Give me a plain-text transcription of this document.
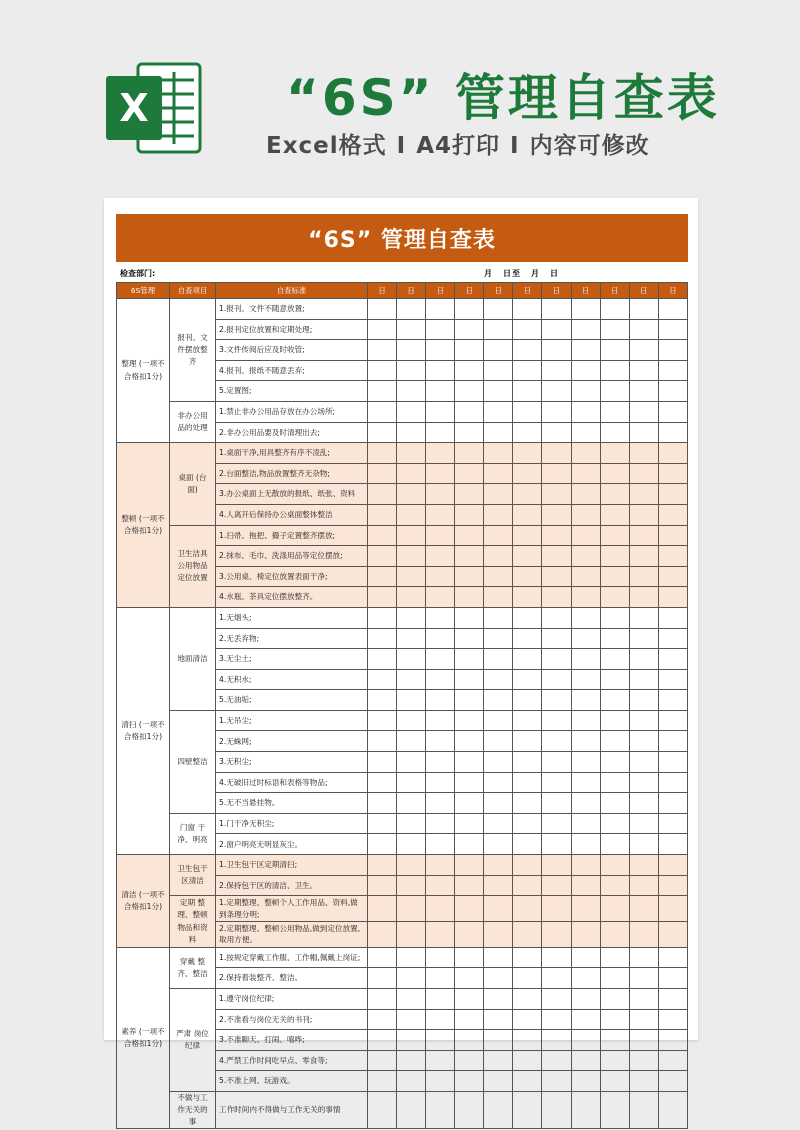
X	“6S” 管理自查表
Excel格式 I A4打印 I 内容可修改
“6S” 管理自查表
检查部门:	月 日至 月 日
6S管理	自查项目	自查标准	日	日	日	日	日	日	日	日	日	日	日
整理 (一项不合格扣1分)	报刊、文件摆放整齐	1.报刊、文件不随意放置;											
		2.报刊定位放置和定期处理;											
		3.文件传阅后应及时收管;											
		4.报刊、报纸不随意丢弃;											
		5.定置图;											
	非办公用品的处理	1.禁止非办公用品存放在办公场所;											
		2.非办公用品要及时清理出去;											
整顿 (一项不合格扣1分)	桌面 (台面)	1.桌面干净,用具整齐有序不凌乱;											
		2.台面整洁,物品放置整齐无杂物;											
		3.办公桌面上无散放的报纸、纸张、资料											
		4.人离开后保持办公桌面整体整洁											
	卫生洁具公用物品定位放置	1.扫帚、拖把、撮子定置整齐摆放;											
		2.抹布、毛巾、洗涤用品等定位摆放;											
		3.公用桌、椅定位放置表面干净;											
		4.水瓶、茶具定位摆放整齐。											
清扫 (一项不合格扣1分)	地面清洁	1.无烟头;											
		2.无丢弃物;											
		3.无尘土;											
		4.无积水;											
		5.无油垢;											
	四壁整洁	1.无吊尘;											
		2.无蛛网;											
		3.无积尘;											
		4.无破旧过时标语和表格等物品;											
		5.无不当悬挂物。											
	门窗 干净、明亮	1.门干净无积尘;											
		2.窗户明亮无明显灰尘。											
清洁 (一项不合格扣1分)	卫生包干区清洁	1.卫生包干区定期清扫;											
		2.保持包干区的清洁、卫生。											
	定期 整理、整顿物品和资料	1.定期整理、整顿个人工作用品、资料,做到条理分明;											
		2.定期整理、整顿公用物品,做到定位放置,取用方便。											
素养 (一项不合格扣1分)	穿戴 整齐、整洁	1.按规定穿戴工作服、工作帽,佩戴上岗证;											
		2.保持着装整齐、整洁。											
	严肃 岗位纪律	1.遵守岗位纪律;											
		2.不准看与岗位无关的书刊;											
		3.不准聊天、打闹、嘻哗;											
		4.严禁工作时间吃早点、零食等;											
		5.不准上网、玩游戏。											
	不做与工作无关的事	工作时间内不得做与工作无关的事情											
